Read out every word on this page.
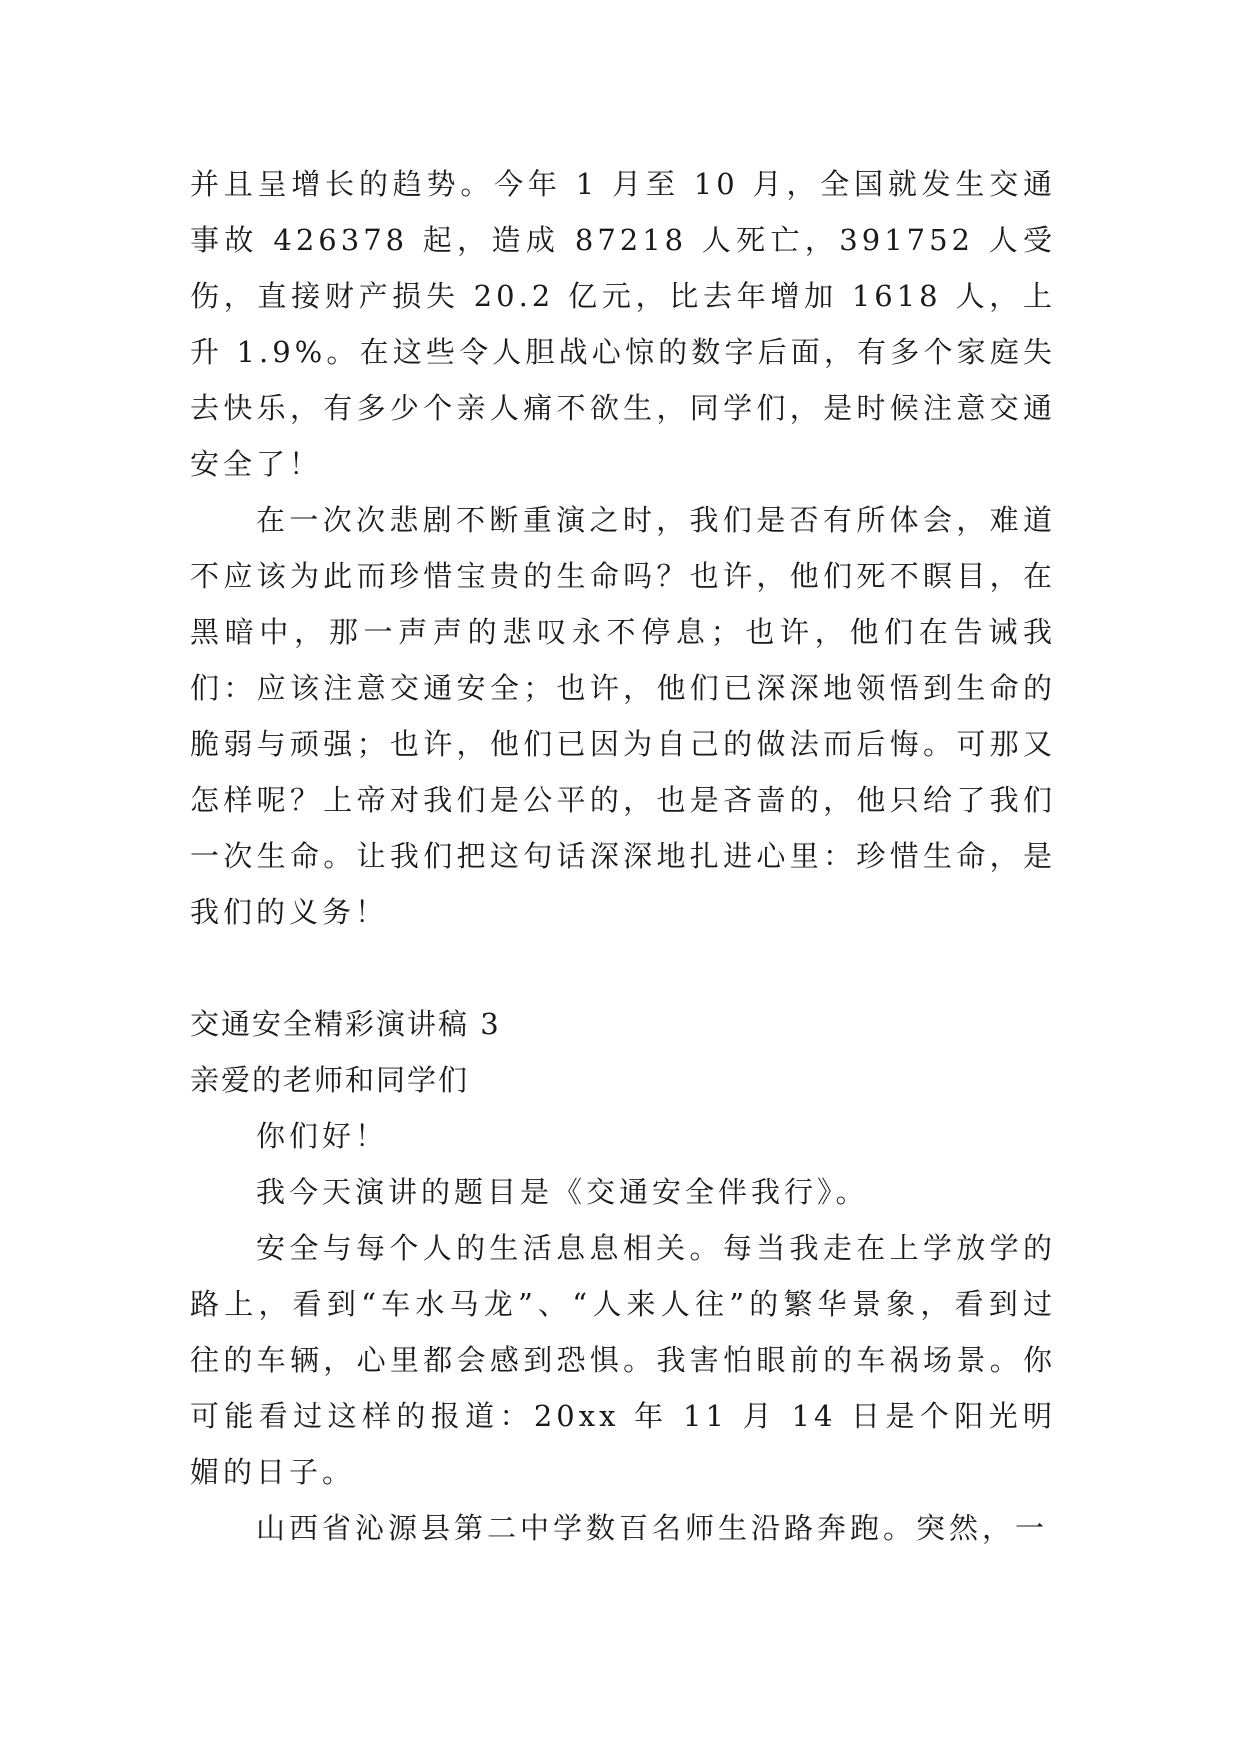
并且呈增长的趋势。今年 1 月至 10 月，全国就发生交通事故 426378 起，造成 87218 人死亡，391752 人受伤，直接财产损失 20.2 亿元，比去年增加 1618 人，上升 1.9%。在这些令人胆战心惊的数字后面，有多个家庭失去快乐，有多少个亲人痛不欲生，同学们，是时候注意交通安全了！

在一次次悲剧不断重演之时，我们是否有所体会，难道不应该为此而珍惜宝贵的生命吗？也许，他们死不瞑目，在黑暗中，那一声声的悲叹永不停息；也许，他们在告诫我们：应该注意交通安全；也许，他们已深深地领悟到生命的脆弱与顽强；也许，他们已因为自己的做法而后悔。可那又怎样呢？上帝对我们是公平的，也是吝啬的，他只给了我们一次生命。让我们把这句话深深地扎进心里：珍惜生命，是我们的义务！

交通安全精彩演讲稿 3

亲爱的老师和同学们

你们好！

我今天演讲的题目是《交通安全伴我行》。

安全与每个人的生活息息相关。每当我走在上学放学的路上，看到“车水马龙”、“人来人往”的繁华景象，看到过往的车辆，心里都会感到恐惧。我害怕眼前的车祸场景。你可能看过这样的报道：20xx 年 11 月 14 日是个阳光明媚的日子。

山西省沁源县第二中学数百名师生沿路奔跑。突然，一
